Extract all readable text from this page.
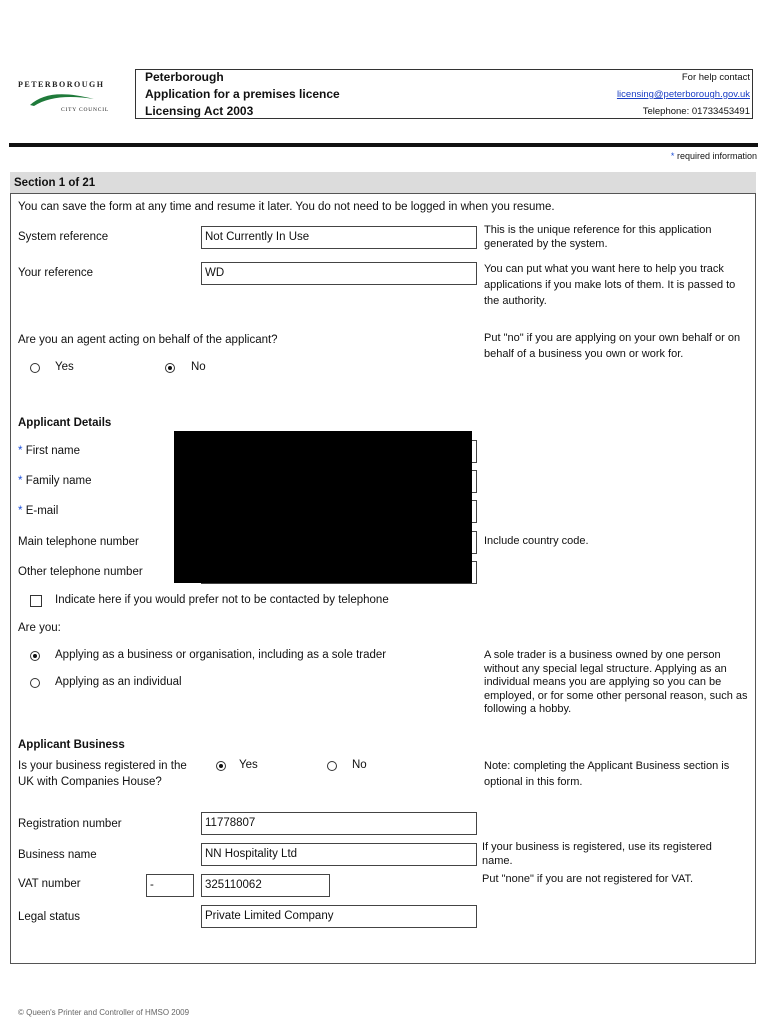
PETERBOROUGH
CITY COUNCIL
Peterborough
Application for a premises licence
Licensing Act 2003
For help contact
licensing@peterborough.gov.uk
Telephone: 01733453491
* required information
Section 1 of 21
You can save the form at any time and resume it later. You do not need to be logged in when you resume.
System reference	Not Currently In Use
This is the unique reference for this application generated by the system.
Your reference	WD	You can put what you want here to help you track applications if you make lots of them. It is passed to the authority.
Are you an agent acting on behalf of the applicant?
Yes	No
Put "no" if you are applying on your own behalf or on behalf of a business you own or work for.
Applicant Details
* First name
* Family name
* E-mail
Main telephone number	Include country code.
Other telephone number
Indicate here if you would prefer not to be contacted by telephone
Are you:
Applying as a business or organisation, including as a sole trader
Applying as an individual
A sole trader is a business owned by one person without any special legal structure. Applying as an individual means you are applying so you can be employed, or for some other personal reason, such as following a hobby.
Applicant Business
Is your business registered in the UK with Companies House?
Yes	No	Note: completing the Applicant Business section is optional in this form.
Registration number	11778807
Business name	NN Hospitality Ltd
If your business is registered, use its registered name.
VAT number	-	325110062	Put "none" if you are not registered for VAT.
Legal status	Private Limited Company
© Queen's Printer and Controller of HMSO 2009
